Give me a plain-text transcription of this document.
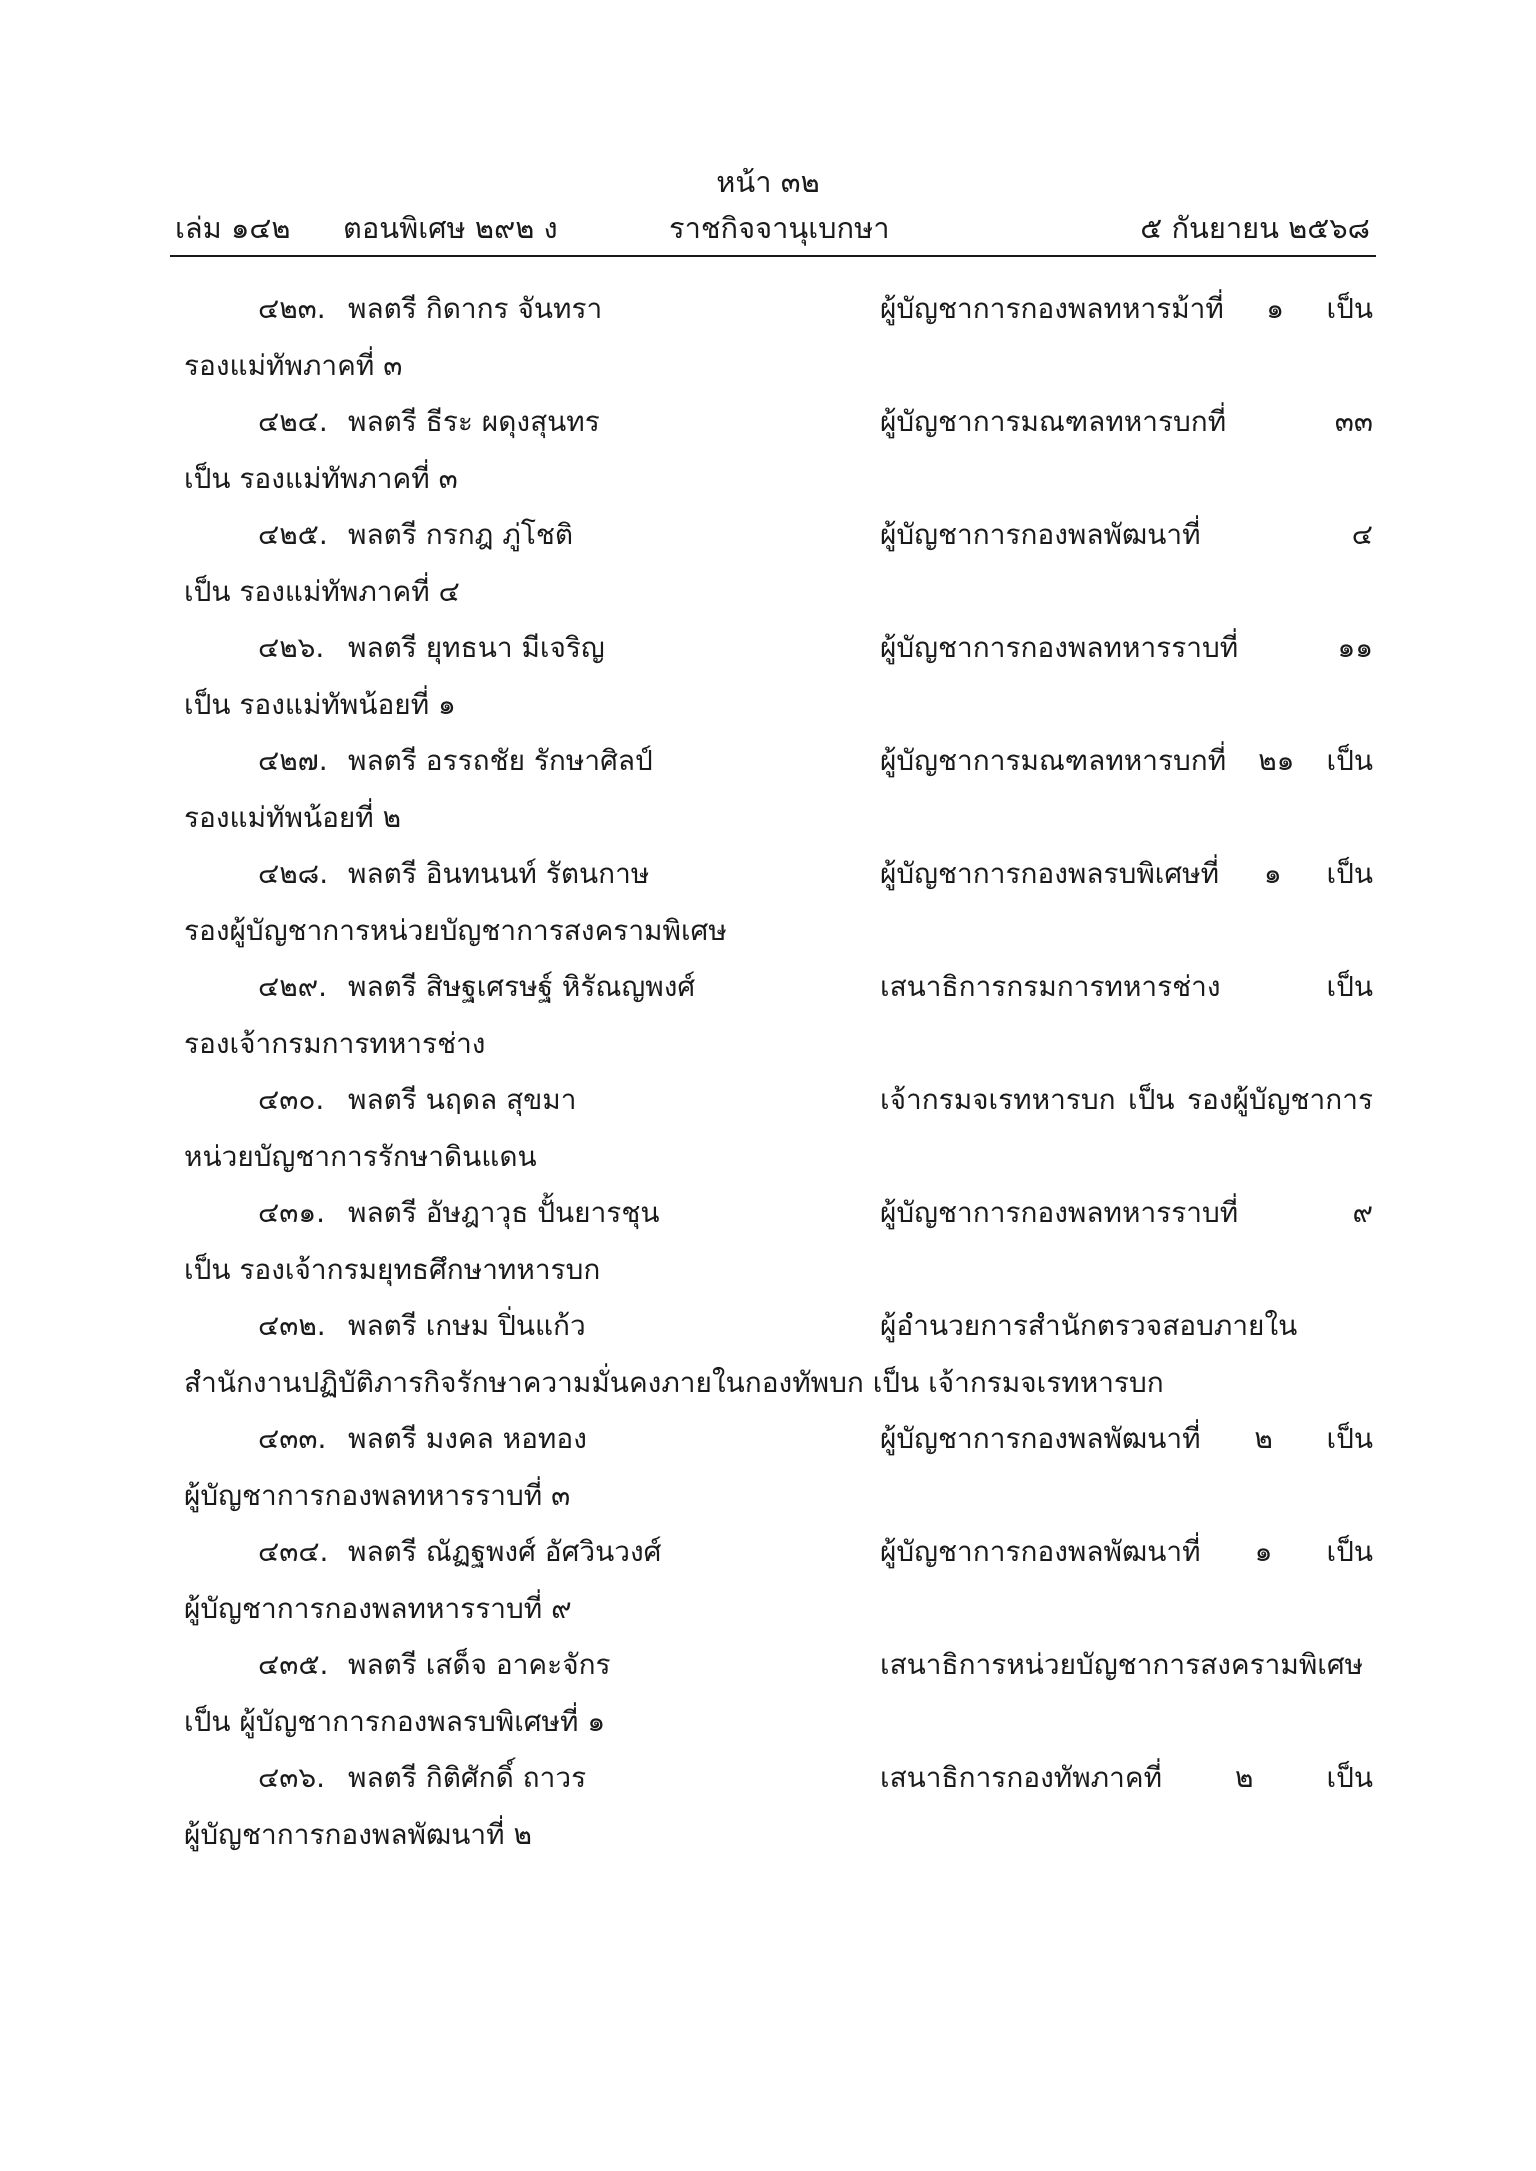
หน้า ๓๒
เล่ม ๑๔๒ ตอนพิเศษ ๒๙๒ ง	ราชกิจจานุเบกษา	๕ กันยายน ๒๕๖๘
๔๒๓. พลตรี กิดากร จันทรา	ผู้บัญชาการกองพลทหารม้าที่ ๑ เป็น
รองแม่ทัพภาคที่ ๓
๔๒๔. พลตรี ธีระ ผดุงสุนทร	ผู้บัญชาการมณฑลทหารบกที่ ๓๓
เป็น รองแม่ทัพภาคที่ ๓
๔๒๕. พลตรี กรกฎ ภู่โชติ	ผู้บัญชาการกองพลพัฒนาที่ ๔
เป็น รองแม่ทัพภาคที่ ๔
๔๒๖. พลตรี ยุทธนา มีเจริญ	ผู้บัญชาการกองพลทหารราบที่ ๑๑
เป็น รองแม่ทัพน้อยที่ ๑
๔๒๗. พลตรี อรรถชัย รักษาศิลป์	ผู้บัญชาการมณฑลทหารบกที่ ๒๑ เป็น
รองแม่ทัพน้อยที่ ๒
๔๒๘. พลตรี อินทนนท์ รัตนกาษ	ผู้บัญชาการกองพลรบพิเศษที่ ๑ เป็น
รองผู้บัญชาการหน่วยบัญชาการสงครามพิเศษ
๔๒๙. พลตรี สิษฐเศรษฐ์ หิรัณญพงศ์	เสนาธิการกรมการทหารช่าง เป็น
รองเจ้ากรมการทหารช่าง
๔๓๐. พลตรี นฤดล สุขมา	เจ้ากรมจเรทหารบก เป็น รองผู้บัญชาการ
หน่วยบัญชาการรักษาดินแดน
๔๓๑. พลตรี อัษฎาวุธ ปั้นยารชุน	ผู้บัญชาการกองพลทหารราบที่ ๙
เป็น รองเจ้ากรมยุทธศึกษาทหารบก
๔๓๒. พลตรี เกษม ปิ่นแก้ว	ผู้อำนวยการสำนักตรวจสอบภายใน
สำนักงานปฏิบัติภารกิจรักษาความมั่นคงภายในกองทัพบก เป็น เจ้ากรมจเรทหารบก
๔๓๓. พลตรี มงคล หอทอง	ผู้บัญชาการกองพลพัฒนาที่ ๒ เป็น
ผู้บัญชาการกองพลทหารราบที่ ๓
๔๓๔. พลตรี ณัฏฐพงศ์ อัศวินวงศ์	ผู้บัญชาการกองพลพัฒนาที่ ๑ เป็น
ผู้บัญชาการกองพลทหารราบที่ ๙
๔๓๕. พลตรี เสด็จ อาคะจักร	เสนาธิการหน่วยบัญชาการสงครามพิเศษ
เป็น ผู้บัญชาการกองพลรบพิเศษที่ ๑
๔๓๖. พลตรี กิติศักดิ์ ถาวร	เสนาธิการกองทัพภาคที่ ๒ เป็น
ผู้บัญชาการกองพลพัฒนาที่ ๒
